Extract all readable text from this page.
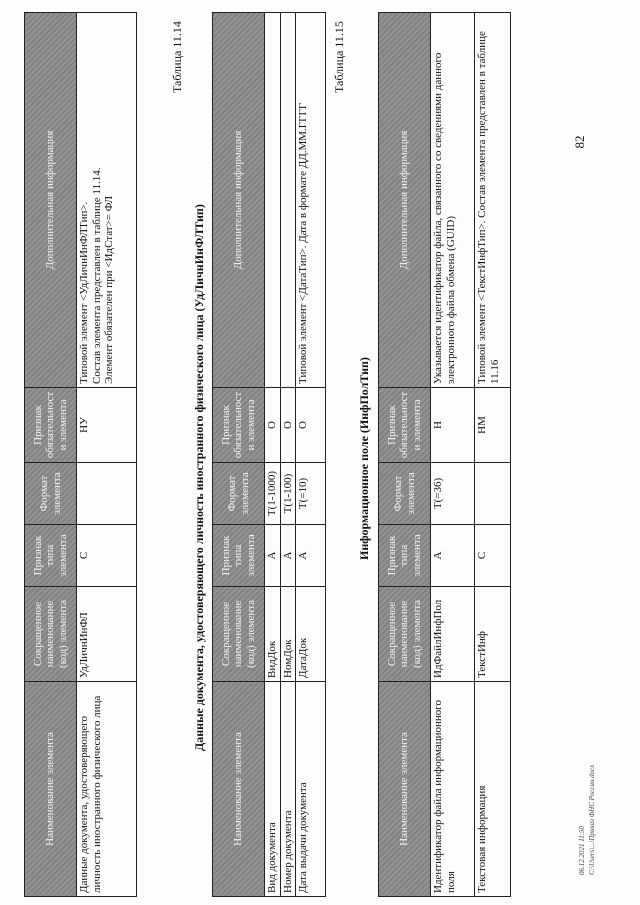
82
Наименование элемента	Сокращенное наименование (код) элемента	Признак типа элемента	Формат элемента	Признак обязательности элемента	Дополнительная информация
Данные документа, удостоверяющего личность иностранного физического лица	УдЛичнИнФЛ	С		НУ	Типовой элемент <УдЛичнИнФЛТип>. Состав элемента представлен в таблице 11.14. Элемент обязателен при <ИдСтат>= ФЛ
Таблица 11.14
Данные документа, удостоверяющего личность иностранного физического лица (УдЛичнИнФЛТип)
Наименование элемента	Сокращенное наименование (код) элемента	Признак типа элемента	Формат элемента	Признак обязательности элемента	Дополнительная информация
Вид документа	ВидДок	А	T(1-1000)	О	
Номер документа	НомДок	А	T(1-100)	О	
Дата выдачи документа	ДатаДок	А	T(=10)	О	Типовой элемент <ДатаТип>. Дата в формате ДД.ММ.ГГГГ
Таблица 11.15
Информационное поле (ИнфПолТип)
Наименование элемента	Сокращенное наименование (код) элемента	Признак типа элемента	Формат элемента	Признак обязательности элемента	Дополнительная информация
Идентификатор файла информационного поля	ИдФайлИнфПол	А	T(=36)	Н	Указывается идентификатор файла, связанного со сведениями данного электронного файла обмена (GUID)
Текстовая информация	ТекстИнф	С		НМ	Типовой элемент <ТекстИнфТип>. Состав элемента представлен в таблице 11.16
06.12.2021 11:50 C:\Users\...\Приказ ФНС России.docx
